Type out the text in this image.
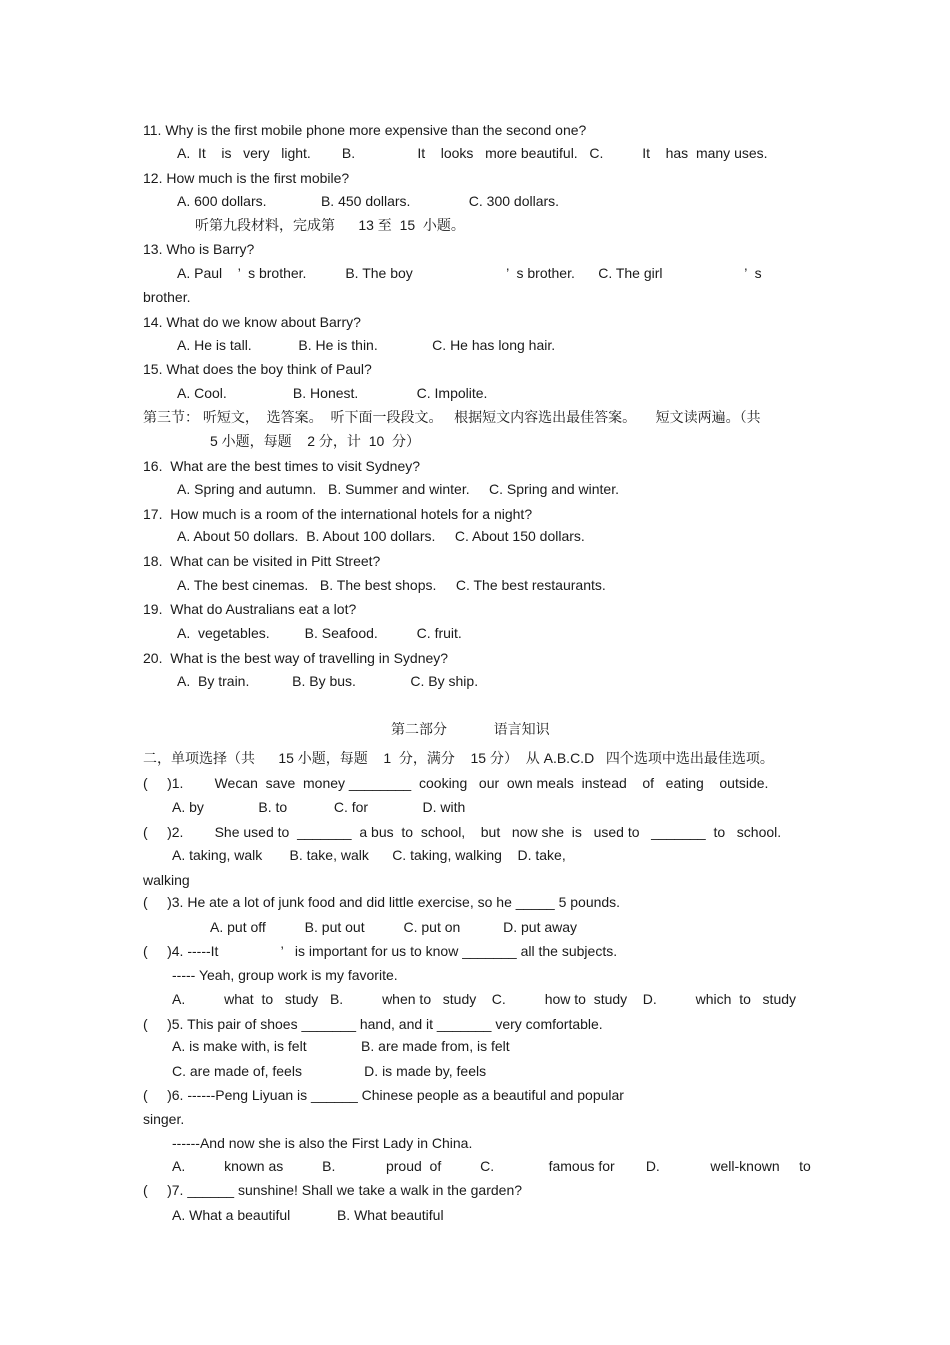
11. Why is the first mobile phone more expensive than the second one?
A.  It    is   very   light.        B.                It    looks   more beautiful.   C.          It    has  many uses.
12. How much is the first mobile?
A. 600 dollars.              B. 450 dollars.               C. 300 dollars.
听第九段材料，完成第      13 至  15  小题。
13. Who is Barry?
A. Paul    ’  s brother.          B. The boy                        ’  s brother.      C. The girl                     ’  s
brother.
14. What do we know about Barry?
A. He is tall.            B. He is thin.              C. He has long hair.
15. What does the boy think of Paul?
A. Cool.                 B. Honest.               C. Impolite.
第三节： 听短文，  选答案。  听下面一段段文。   根据短文内容选出最佳答案。     短文读两遍。（共
5 小题，每题    2 分，计  10  分）
16.  What are the best times to visit Sydney?
A. Spring and autumn.   B. Summer and winter.     C. Spring and winter.
17.  How much is a room of the international hotels for a night?
A. About 50 dollars.  B. About 100 dollars.     C. About 150 dollars.
18.  What can be visited in Pitt Street?
A. The best cinemas.   B. The best shops.     C. The best restaurants.
19.  What do Australians eat a lot?
A.  vegetables.         B. Seafood.          C. fruit.
20.  What is the best way of travelling in Sydney?
A.  By train.           B. By bus.              C. By ship.
第二部分            语言知识
二，单项选择（共      15 小题，每题    1  分，满分    15 分）  从 A.B.C.D   四个选项中选出最佳选项。
(     )1.        Wecan  save  money ________  cooking   our  own meals  instead    of   eating    outside.
A. by              B. to            C. for              D. with
(     )2.        She used to  _______  a bus  to  school,    but   now she  is   used to   _______  to   school.
A. taking, walk       B. take, walk      C. taking, walking    D. take,
walking
(     )3. He ate a lot of junk food and did little exercise, so he _____ 5 pounds.
A. put off          B. put out          C. put on           D. put away
(     )4. -----It                ’   is important for us to know _______ all the subjects.
----- Yeah, group work is my favorite.
A.          what  to   study   B.          when to   study    C.          how to  study    D.          which  to   study
(     )5. This pair of shoes _______ hand, and it _______ very comfortable.
A. is make with, is felt              B. are made from, is felt
C. are made of, feels                D. is made by, feels
(     )6. ------Peng Liyuan is ______ Chinese people as a beautiful and popular
singer.
------And now she is also the First Lady in China.
A.          known as          B.             proud  of          C.              famous for        D.             well-known     to
(     )7. ______ sunshine! Shall we take a walk in the garden?
A. What a beautiful            B. What beautiful
